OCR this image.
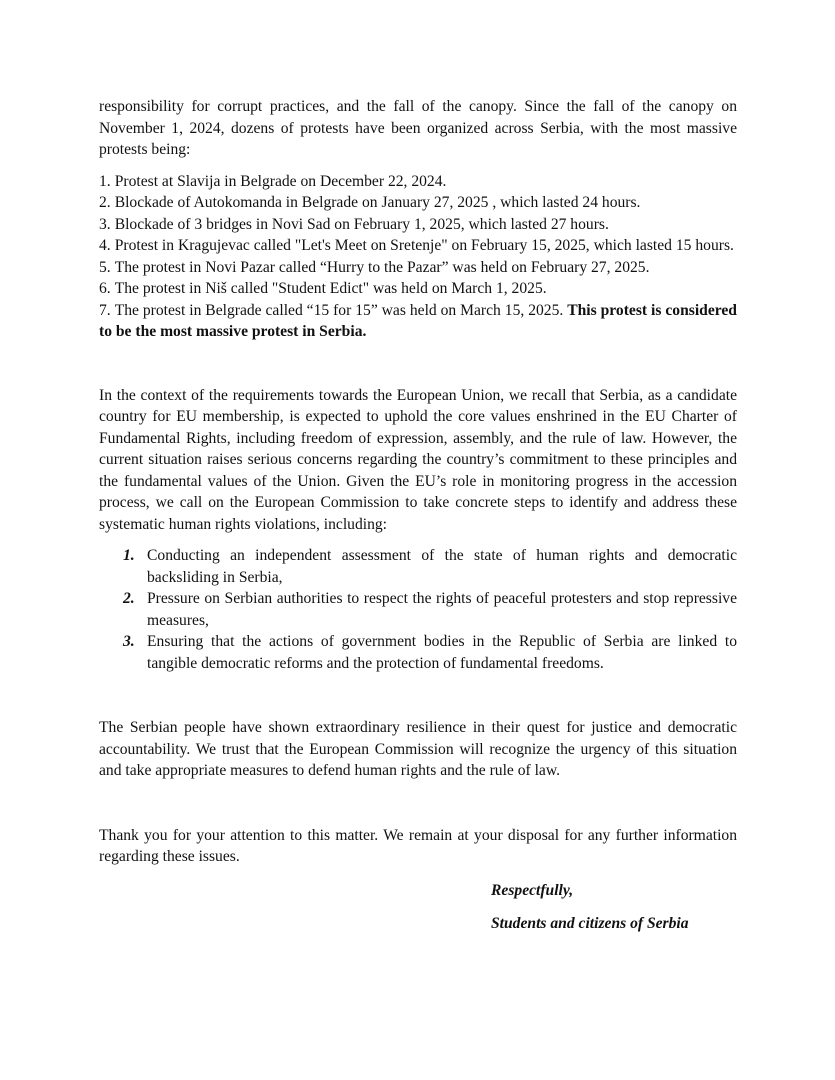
responsibility for corrupt practices, and the fall of the canopy. Since the fall of the canopy on November 1, 2024, dozens of protests have been organized across Serbia, with the most massive protests being:

1. Protest at Slavija in Belgrade on December 22, 2024.
2. Blockade of Autokomanda in Belgrade on January 27, 2025 , which lasted 24 hours.
3. Blockade of 3 bridges in Novi Sad on February 1, 2025, which lasted 27 hours.
4. Protest in Kragujevac called "Let's Meet on Sretenje" on February 15, 2025, which lasted 15 hours.
5. The protest in Novi Pazar called “Hurry to the Pazar” was held on February 27, 2025.
6. The protest in Niš called "Student Edict" was held on March 1, 2025.
7. The protest in Belgrade called “15 for 15” was held on March 15, 2025. This protest is considered to be the most massive protest in Serbia.

In the context of the requirements towards the European Union, we recall that Serbia, as a candidate country for EU membership, is expected to uphold the core values enshrined in the EU Charter of Fundamental Rights, including freedom of expression, assembly, and the rule of law. However, the current situation raises serious concerns regarding the country’s commitment to these principles and the fundamental values of the Union. Given the EU’s role in monitoring progress in the accession process, we call on the European Commission to take concrete steps to identify and address these systematic human rights violations, including:

1. Conducting an independent assessment of the state of human rights and democratic backsliding in Serbia,
2. Pressure on Serbian authorities to respect the rights of peaceful protesters and stop repressive measures,
3. Ensuring that the actions of government bodies in the Republic of Serbia are linked to tangible democratic reforms and the protection of fundamental freedoms.

The Serbian people have shown extraordinary resilience in their quest for justice and democratic accountability. We trust that the European Commission will recognize the urgency of this situation and take appropriate measures to defend human rights and the rule of law.

Thank you for your attention to this matter. We remain at your disposal for any further information regarding these issues.

Respectfully,
Students and citizens of Serbia
